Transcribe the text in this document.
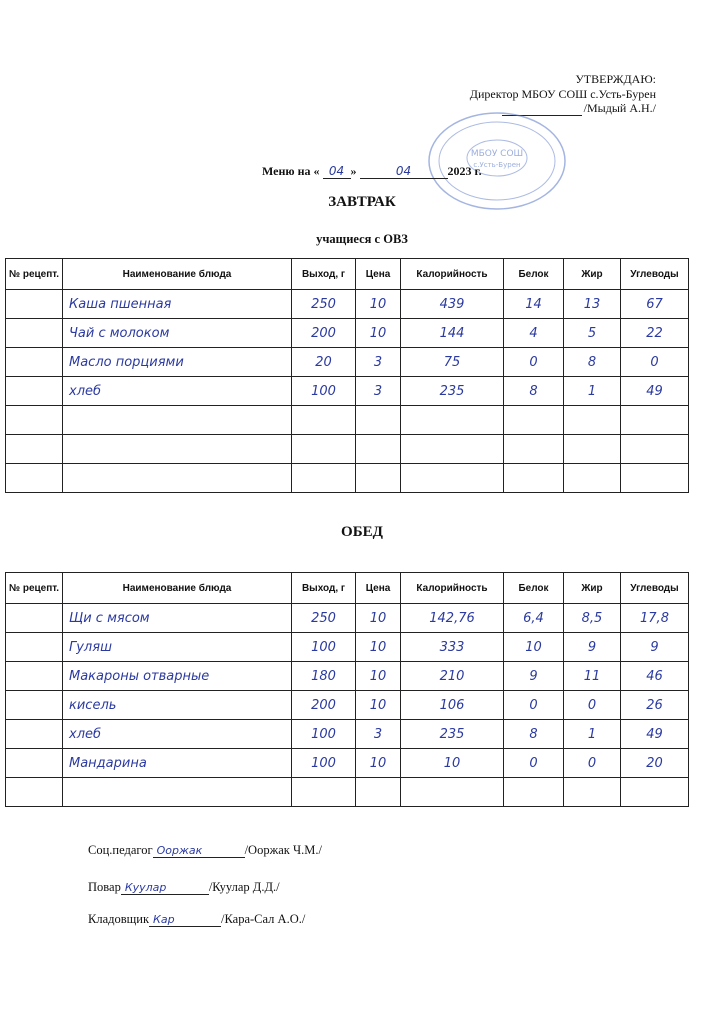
УТВЕРЖДАЮ:
Директор МБОУ СОШ с.Усть-Бурен
/Мыдый А.Н./
МБОУ СОШ
с.Усть-Бурен
Меню на « 04 »	04	2023 г.
ЗАВТРАК
учащиеся с ОВЗ
№ рецепт.	Наименование блюда	Выход, г	Цена	Калорийность	Белок	Жир	Углеводы
	Каша пшенная	250	10	439	14	13	67
	Чай с молоком	200	10	144	4	5	22
	Масло порциями	20	3	75	0	8	0
	хлеб	100	3	235	8	1	49

ОБЕД
№ рецепт.	Наименование блюда	Выход, г	Цена	Калорийность	Белок	Жир	Углеводы
	Щи с мясом	250	10	142,76	6,4	8,5	17,8
	Гуляш	100	10	333	10	9	9
	Макароны отварные	180	10	210	9	11	46
	кисель	200	10	106	0	0	26
	хлеб	100	3	235	8	1	49
	Мандарина	100	10	10	0	0	20

Соц.педагог Ооржак	/Ооржак Ч.М./
Повар Куулар	/Куулар Д.Д./
Кладовщик Кар	/Кара-Сал А.О./
